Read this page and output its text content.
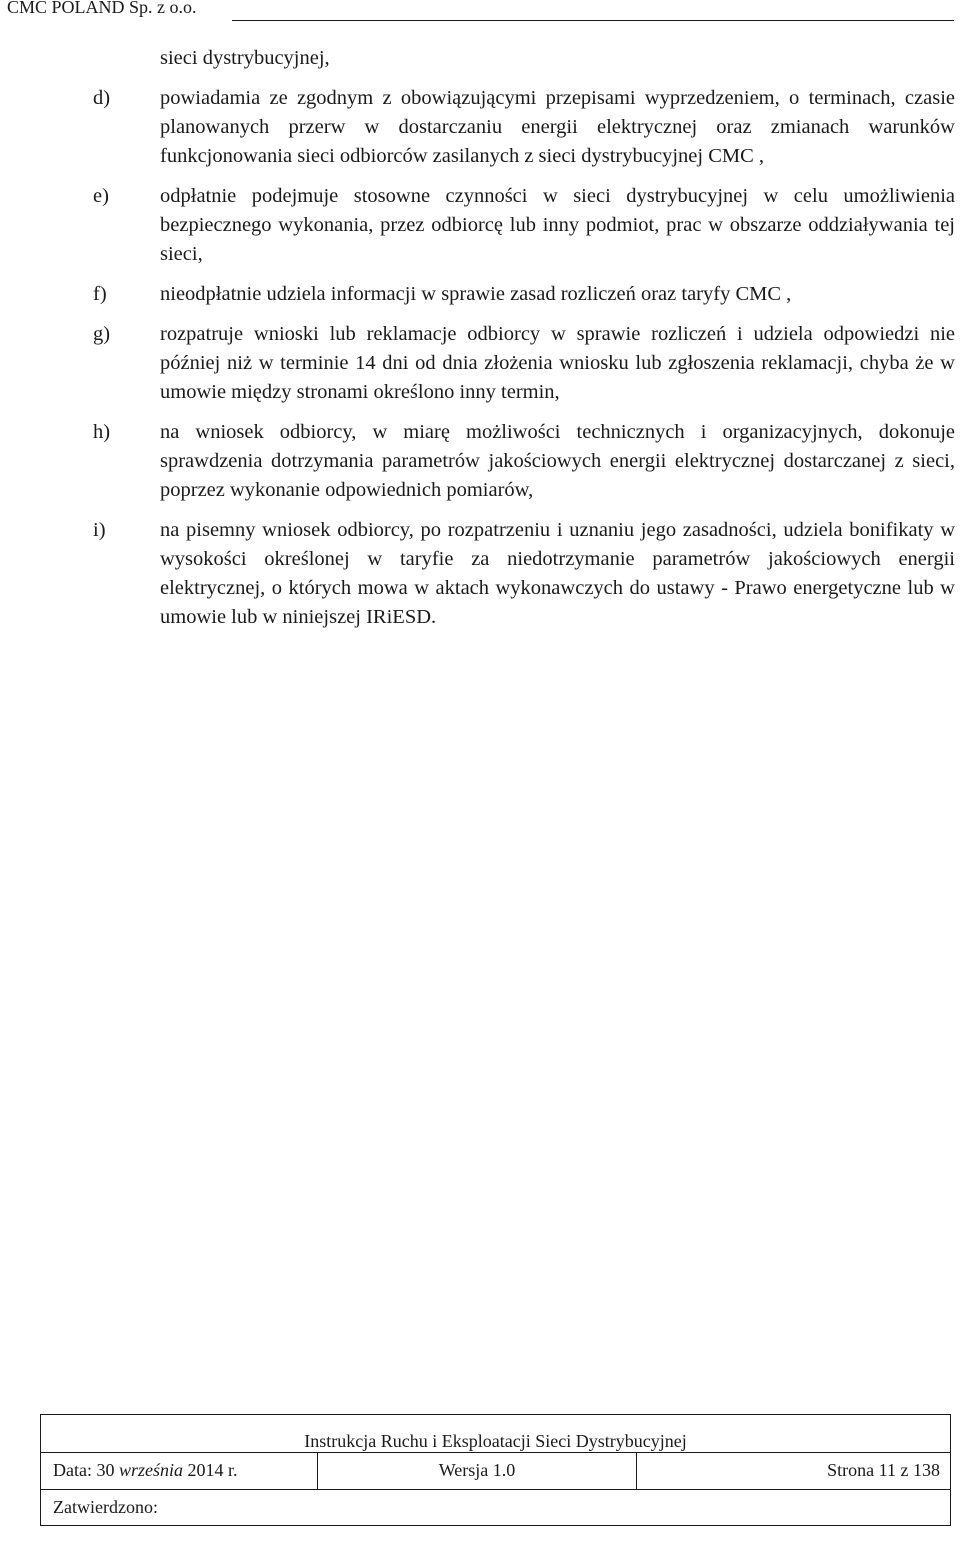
CMC POLAND Sp. z o.o.
sieci dystrybucyjnej,
d)	powiadamia ze zgodnym z obowiązującymi przepisami wyprzedzeniem, o terminach, czasie planowanych przerw w dostarczaniu energii elektrycznej oraz zmianach warunków funkcjonowania sieci odbiorców zasilanych z sieci dystrybucyjnej CMC ,
e)	odpłatnie podejmuje stosowne czynności w sieci dystrybucyjnej w celu umożliwienia bezpiecznego wykonania, przez odbiorcę lub inny podmiot, prac w obszarze oddziaływania tej sieci,
f)	nieodpłatnie udziela informacji w sprawie zasad rozliczeń oraz taryfy CMC ,
g)	rozpatruje wnioski lub reklamacje odbiorcy w sprawie rozliczeń i udziela odpowiedzi nie później niż w terminie 14 dni od dnia złożenia wniosku lub zgłoszenia reklamacji, chyba że w umowie między stronami określono inny termin,
h)	na wniosek odbiorcy, w miarę możliwości technicznych i organizacyjnych, dokonuje sprawdzenia dotrzymania parametrów jakościowych energii elektrycznej dostarczanej z sieci, poprzez wykonanie odpowiednich pomiarów,
i)	na pisemny wniosek odbiorcy, po rozpatrzeniu i uznaniu jego zasadności, udziela bonifikaty w wysokości określonej w taryfie za niedotrzymanie parametrów jakościowych energii elektrycznej, o których mowa w aktach wykonawczych do ustawy - Prawo energetyczne lub w umowie lub w niniejszej IRiESD.
Instrukcja Ruchu i Eksploatacji Sieci Dystrybucyjnej
Data: 30 września 2014 r.	Wersja 1.0	Strona 11 z 138
Zatwierdzono:
